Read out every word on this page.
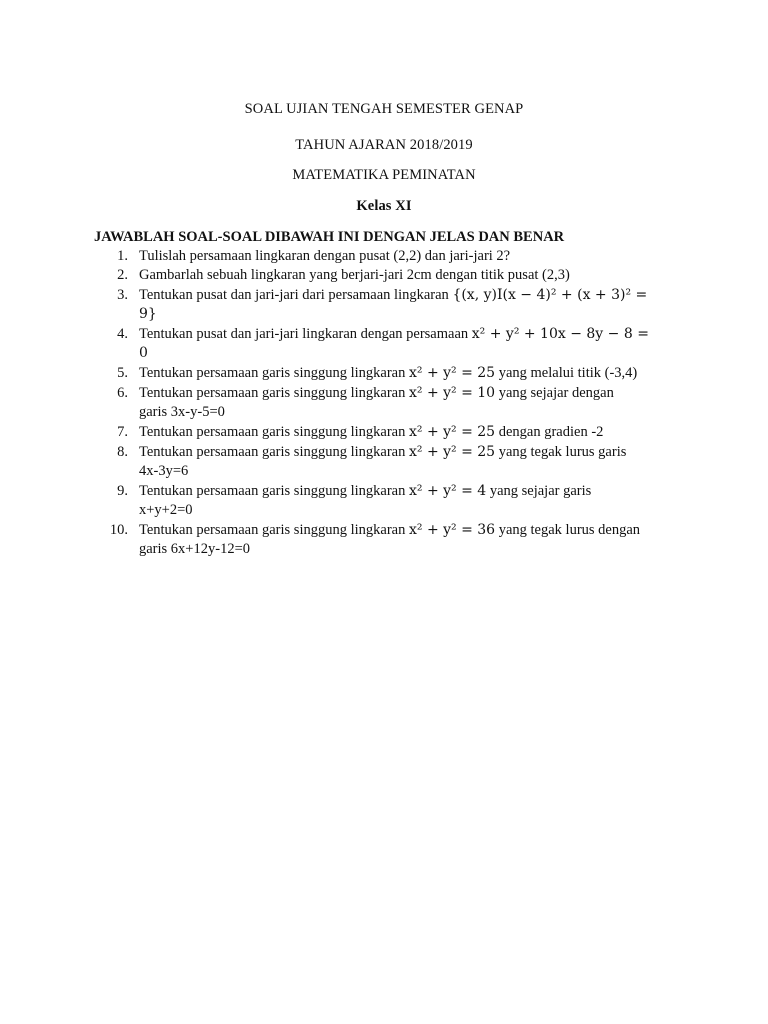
SOAL UJIAN TENGAH SEMESTER GENAP
TAHUN AJARAN 2018/2019
MATEMATIKA PEMINATAN
Kelas XI
JAWABLAH SOAL-SOAL DIBAWAH INI DENGAN JELAS DAN BENAR
1. Tulislah persamaan lingkaran dengan pusat (2,2) dan jari-jari 2?
2. Gambarlah sebuah lingkaran yang berjari-jari 2cm dengan titik pusat (2,3)
3. Tentukan pusat dan jari-jari dari persamaan lingkaran {(x, y)I(x − 4)² + (x + 3)² =
9}
4. Tentukan pusat dan jari-jari lingkaran dengan persamaan x² + y² + 10x − 8y − 8 =
0
5. Tentukan persamaan garis singgung lingkaran x² + y² = 25 yang melalui titik (-3,4)
6. Tentukan persamaan garis singgung lingkaran x² + y² = 10 yang sejajar dengan
garis 3x-y-5=0
7. Tentukan persamaan garis singgung lingkaran x² + y² = 25 dengan gradien -2
8. Tentukan persamaan garis singgung lingkaran x² + y² = 25 yang tegak lurus garis
4x-3y=6
9. Tentukan persamaan garis singgung lingkaran x² + y² = 4 yang sejajar garis
x+y+2=0
10. Tentukan persamaan garis singgung lingkaran x² + y² = 36 yang tegak lurus dengan
garis 6x+12y-12=0
